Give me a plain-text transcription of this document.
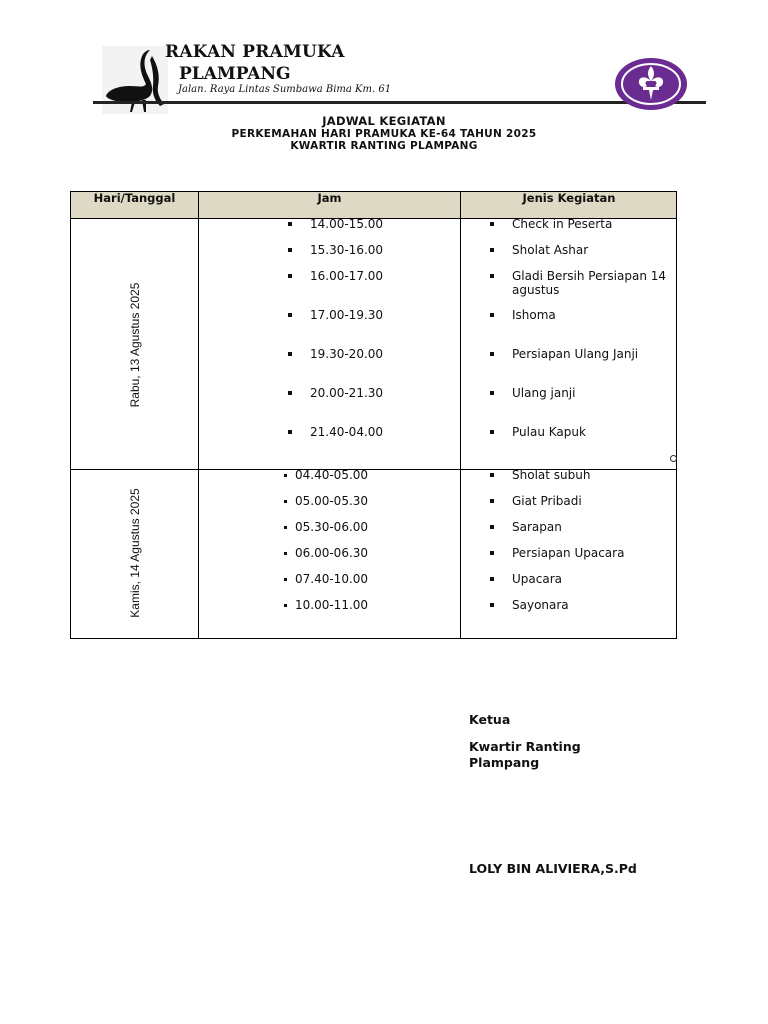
RAKAN PRAMUKA
PLAMPANG
Jalan. Raya Lintas Sumbawa Bima Km. 61
JADWAL KEGIATAN
PERKEMAHAN HARI PRAMUKA KE-64 TAHUN 2025
KWARTIR RANTING PLAMPANG
Hari/Tanggal	Jam	Jenis Kegiatan
Rabu, 13 Agustus 2025
14.00-15.00	Check in Peserta
15.30-16.00	Sholat Ashar
16.00-17.00	Gladi Bersih Persiapan 14 agustus
17.00-19.30	Ishoma
19.30-20.00	Persiapan Ulang Janji
20.00-21.30	Ulang janji
21.40-04.00	Pulau Kapuk
Kamis, 14 Agustus 2025
04.40-05.00	Sholat subuh
05.00-05.30	Giat Pribadi
05.30-06.00	Sarapan
06.00-06.30	Persiapan Upacara
07.40-10.00	Upacara
10.00-11.00	Sayonara
Ketua
Kwartir Ranting
Plampang
LOLY BIN ALIVIERA,S.Pd
